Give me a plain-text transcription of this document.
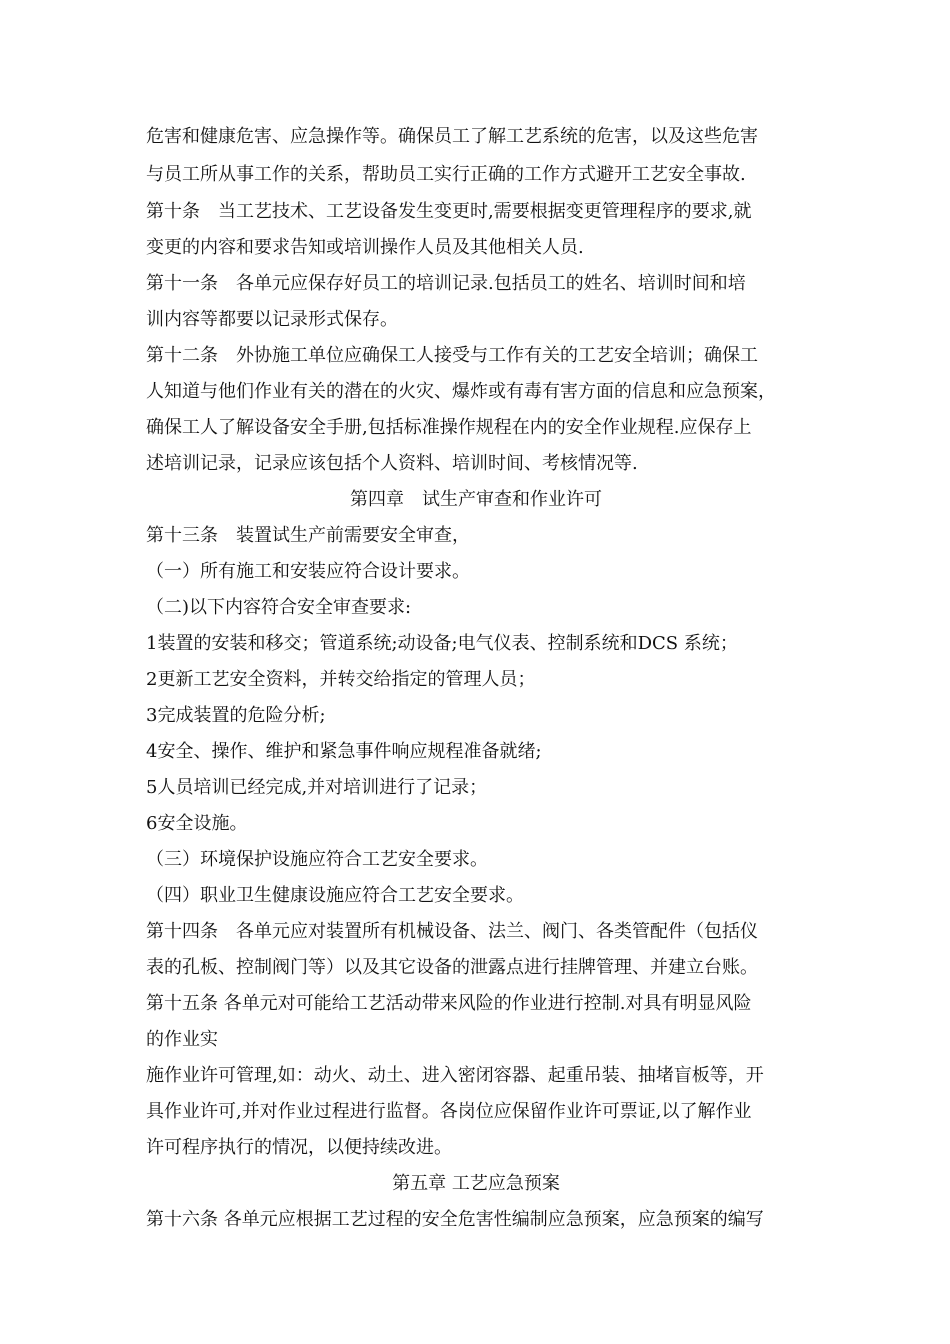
危害和健康危害、应急操作等。确保员工了解工艺系统的危害，以及这些危害
与员工所从事工作的关系，帮助员工实行正确的工作方式避开工艺安全事故.
第十条　当工艺技术、工艺设备发生变更时,需要根据变更管理程序的要求,就
变更的内容和要求告知或培训操作人员及其他相关人员.
第十一条　各单元应保存好员工的培训记录.包括员工的姓名、培训时间和培
训内容等都要以记录形式保存。
第十二条　外协施工单位应确保工人接受与工作有关的工艺安全培训；确保工
人知道与他们作业有关的潜在的火灾、爆炸或有毒有害方面的信息和应急预案，
确保工人了解设备安全手册,包括标准操作规程在内的安全作业规程.应保存上
述培训记录，记录应该包括个人资料、培训时间、考核情况等.
第四章　试生产审查和作业许可
第十三条　装置试生产前需要安全审查，
（一）所有施工和安装应符合设计要求。
（二)以下内容符合安全审查要求:
1装置的安装和移交；管道系统;动设备;电气仪表、控制系统和DCS 系统；
2更新工艺安全资料，并转交给指定的管理人员；
3完成装置的危险分析;
4安全、操作、维护和紧急事件响应规程准备就绪;
5人员培训已经完成,并对培训进行了记录；
6安全设施。
（三）环境保护设施应符合工艺安全要求。
（四）职业卫生健康设施应符合工艺安全要求。
第十四条　各单元应对装置所有机械设备、法兰、阀门、各类管配件（包括仪
表的孔板、控制阀门等）以及其它设备的泄露点进行挂牌管理、并建立台账。
第十五条 各单元对可能给工艺活动带来风险的作业进行控制.对具有明显风险
的作业实
施作业许可管理,如：动火、动土、进入密闭容器、起重吊装、抽堵盲板等，开
具作业许可,并对作业过程进行监督。各岗位应保留作业许可票证,以了解作业
许可程序执行的情况，以便持续改进。
第五章 工艺应急预案
第十六条 各单元应根据工艺过程的安全危害性编制应急预案，应急预案的编写
